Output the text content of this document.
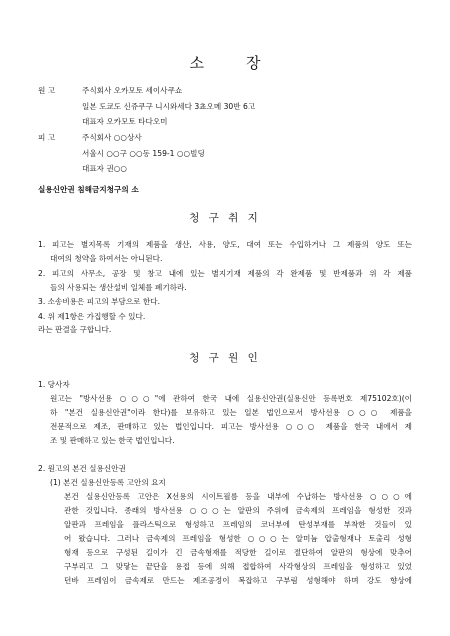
소	장
원 고	주식회사 오카모토 세이사쿠쇼
일본 도쿄도 신쥬쿠구 니시와세다 3쵸오메 30반 6고
대표자 오카모토 타다오미
피 고	주식회사 ○○상사
서울시 ○○구 ○○동 159-1 ○○빌딩
대표자 권○○
실용신안권 침해금지청구의 소
청 구 취 지
1. 피고는 별지목록 기재의 제품을 생산, 사용, 양도, 대여 또는 수입하거나 그 제품의 양도 또는
대여의 청약을 하여서는 아니된다.
2. 피고의 사무소, 공장 및 창고 내에 있는 별지기재 제품의 각 완제품 및 반제품과 위 각 제품
들의 사용되는 생산설비 일체를 폐기하라.
3. 소송비용은 피고의 부담으로 한다.
4. 위 제1항은 가집행할 수 있다.
라는 판결을 구합니다.
청 구 원 인
1. 당사자
원고는 "방사선용 ○○○"에 관하여 한국 내에 실용신안권(실용신안 등록번호 제75102호)(이
하 "본건 실용신안권"이라 한다)를 보유하고 있는 일본 법인으로서 방사선용 ○○○ 제품을
전문적으로 제조, 판매하고 있는 법인입니다. 피고는 방사선용 ○○○ 제품을 한국 내에서 제
조 및 판매하고 있는 한국 법인입니다.
2. 원고의 본건 실용신안권
(1) 본건 실용신안등록 고안의 요지
본건 실용신안등록 고안은 X선용의 시이트필름 등을 내부에 수납하는 방사선용 ○○○에
관한 것입니다. 종래의 방사선용 ○○○는 알판의 주위에 금속제의 프레임을 형성한 것과
알판과 프레임을 플라스틱으로 형성하고 프레임의 코너부에 탄성부재를 부착한 것들이 있
어 왔습니다. 그러나 금속제의 프레임을 형성한 ○○○는 알미늄 압출형재나 토출리 성형
형재 등으로 구성된 길이가 긴 금속형재를 적당한 길이로 절단하여 알판의 형상에 맞추어
구부리고 그 맞닿는 끝단을 용접 등에 의해 접합하여 사각형상의 프레임을 형성하고 있었
던바 프레임이 금속제로 만드는 제조공정이 복잡하고 구부림 성형해야 하며 강도 향상에
